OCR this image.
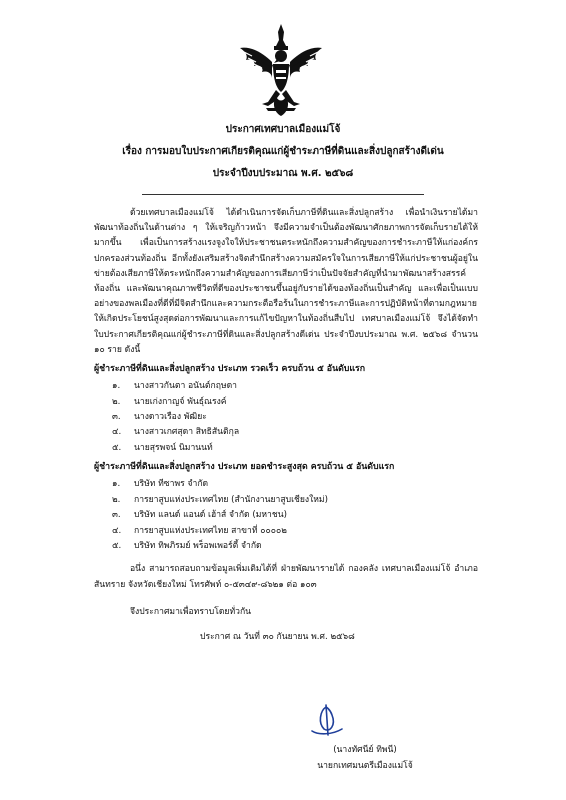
ประกาศเทศบาลเมืองแม่โจ้
เรื่อง การมอบใบประกาศเกียรติคุณแก่ผู้ชำระภาษีที่ดินและสิ่งปลูกสร้างดีเด่น
ประจำปีงบประมาณ พ.ศ. ๒๕๖๘

ด้วยเทศบาลเมืองแม่โจ้ ได้ดำเนินการจัดเก็บภาษีที่ดินและสิ่งปลูกสร้าง เพื่อนำเงินรายได้มาพัฒนาท้องถิ่นในด้านต่าง ๆ ให้เจริญก้าวหน้า จึงมีความจำเป็นต้องพัฒนาศักยภาพการจัดเก็บรายได้ให้มากขึ้น เพื่อเป็นการสร้างแรงจูงใจให้ประชาชนตระหนักถึงความสำคัญของการชำระภาษีให้แก่องค์กรปกครองส่วนท้องถิ่น อีกทั้งยังเสริมสร้างจิตสำนึกสร้างความสมัครใจในการเสียภาษีให้แก่ประชาชนผู้อยู่ในข่ายต้องเสียภาษีให้ตระหนักถึงความสำคัญของการเสียภาษีว่าเป็นปัจจัยสำคัญที่นำมาพัฒนาสร้างสรรค์ท้องถิ่น และพัฒนาคุณภาพชีวิตที่ดีของประชาชนขึ้นอยู่กับรายได้ของท้องถิ่นเป็นสำคัญ และเพื่อเป็นแบบอย่างของพลเมืองที่ดีที่มีจิตสำนึกและความกระตือรือร้นในการชำระภาษีและการปฏิบัติหน้าที่ตามกฎหมายให้เกิดประโยชน์สูงสุดต่อการพัฒนาและการแก้ไขปัญหาในท้องถิ่นสืบไป เทศบาลเมืองแม่โจ้ จึงได้จัดทำใบประกาศเกียรติคุณแก่ผู้ชำระภาษีที่ดินและสิ่งปลูกสร้างดีเด่น ประจำปีงบประมาณ พ.ศ. ๒๕๖๘ จำนวน ๑๐ ราย ดังนี้

ผู้ชำระภาษีที่ดินและสิ่งปลูกสร้าง ประเภท รวดเร็ว ครบถ้วน ๕ อันดับแรก
๑. นางสาวกันตา อนันต์กฤษดา
๒. นายเก่งกาญจ์ พันธุ์ณรงค์
๓. นางดาวเรือง พัฒิยะ
๔. นางสาวเกศสุดา สิทธิสันติกุล
๕. นายสุรพจน์ นิมานนท์
ผู้ชำระภาษีที่ดินและสิ่งปลูกสร้าง ประเภท ยอดชำระสูงสุด ครบถ้วน ๕ อันดับแรก
๑. บริษัท ทีซาพร จำกัด
๒. การยาสูบแห่งประเทศไทย (สำนักงานยาสูบเชียงใหม่)
๓. บริษัท แลนด์ แอนด์ เฮ้าส์ จำกัด (มหาชน)
๔. การยาสูบแห่งประเทศไทย สาขาที่ ๐๐๐๐๒
๕. บริษัท ทิพภิรมย์ พร็อพเพอร์ตี้ จำกัด

อนึ่ง สามารถสอบถามข้อมูลเพิ่มเติมได้ที่ ฝ่ายพัฒนารายได้ กองคลัง เทศบาลเมืองแม่โจ้ อำเภอสันทราย จังหวัดเชียงใหม่ โทรศัพท์ ๐-๕๓๔๙-๘๖๒๑ ต่อ ๑๐๓

จึงประกาศมาเพื่อทราบโดยทั่วกัน

ประกาศ ณ วันที่ ๓๐ กันยายน พ.ศ. ๒๕๖๘

(นางทัศนีย์ ทิพนี)
นายกเทศมนตรีเมืองแม่โจ้
